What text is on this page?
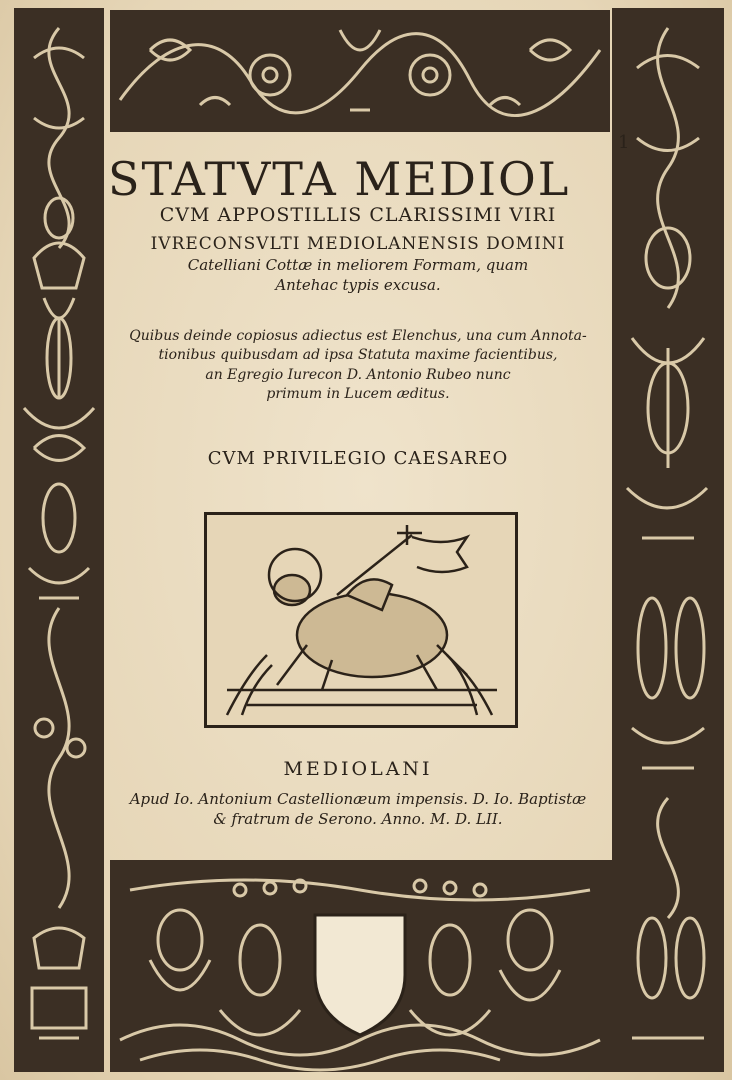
STATVTA MEDIOL
CVM APPOSTILLIS CLARISSIMI VIRI
IVRECONSVLTI MEDIOLANENSIS DOMINI
Catelliani Cottæ in meliorem Formam, quam
Antehac typis excusa.
Quibus deinde copiosus adiectus est Elenchus, una cum Annota-
tionibus quibusdam ad ipsa Statuta maxime facientibus,
an Egregio Iurecon D. Antonio Rubeo nunc
primum in Lucem æditus.
CVM PRIVILEGIO CAESAREO
MEDIOLANI
Apud Io. Antonium Castellionæum impensis. D. Io. Baptistæ
& fratrum de Serono. Anno. M. D. LII.
1
